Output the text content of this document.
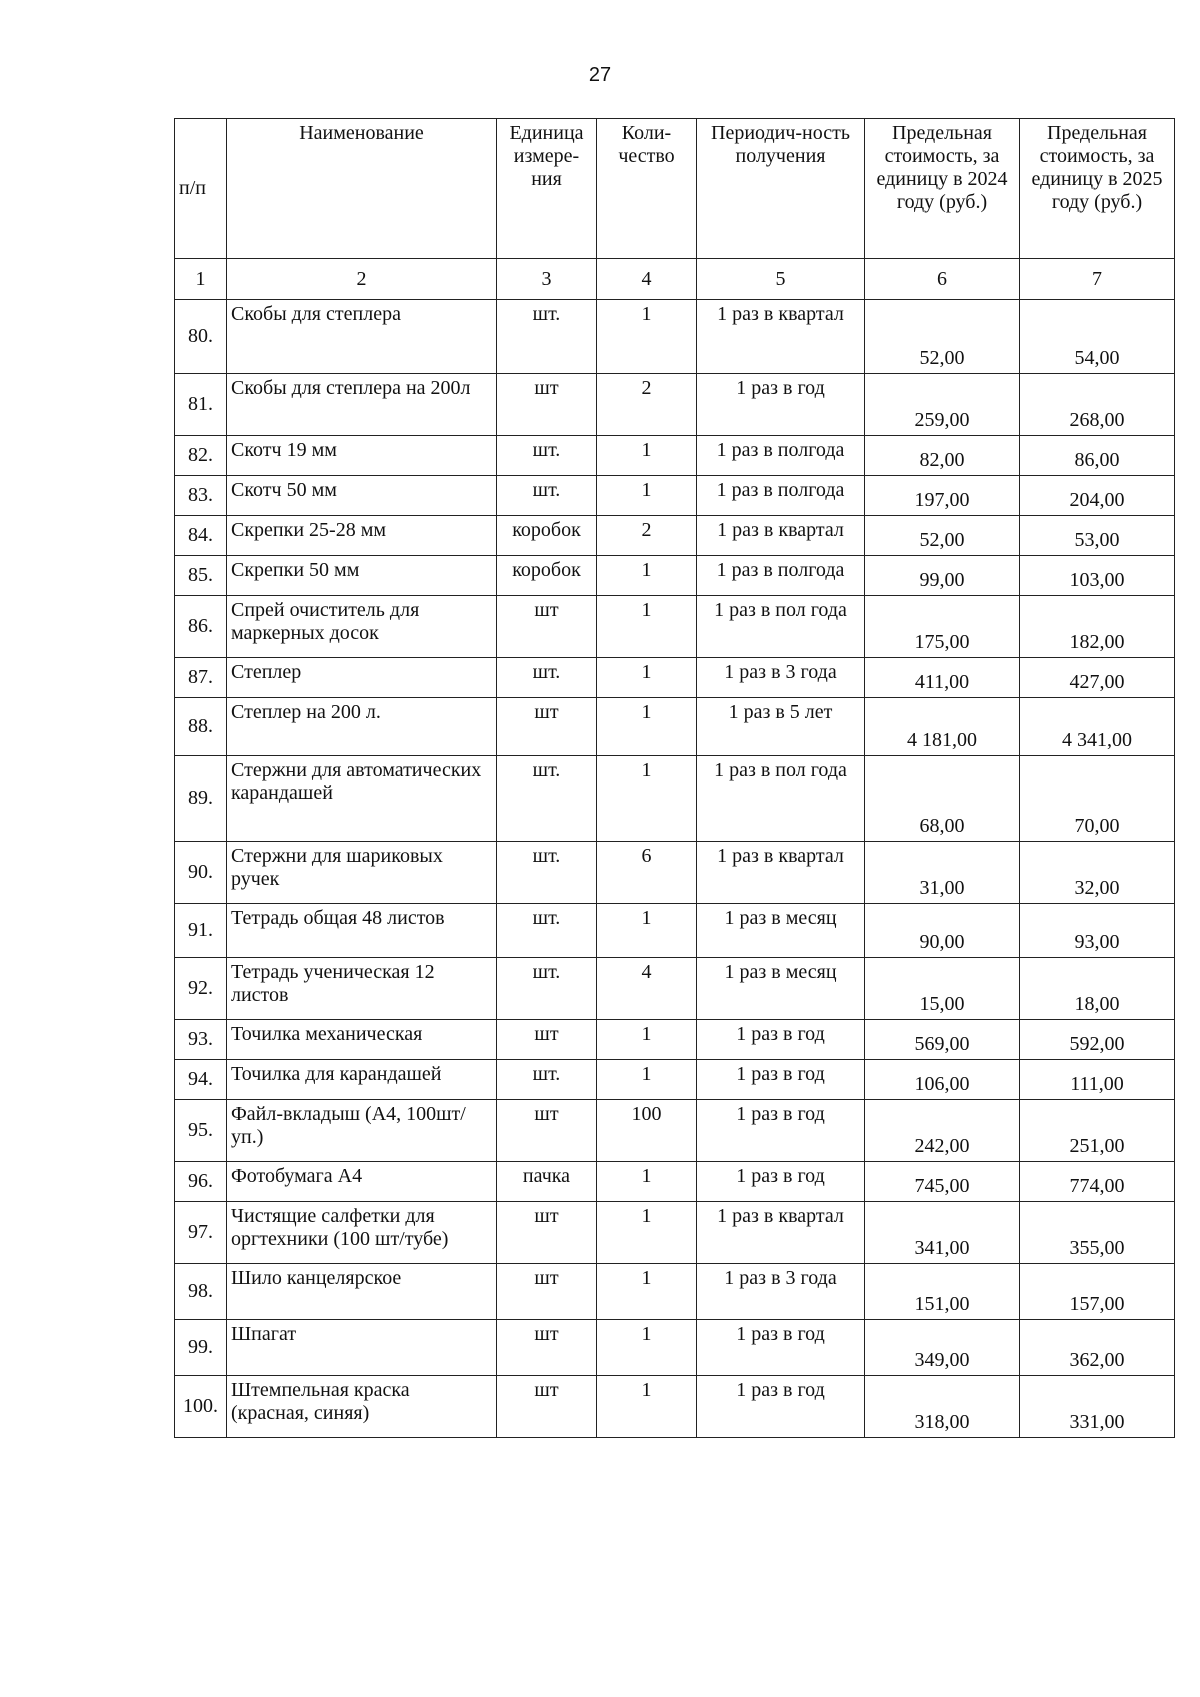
27
п/п	Наименование	Единица измере-ния	Коли-чество	Периодич-ность получения	Предельная стоимость, за единицу в 2024 году (руб.)	Предельная стоимость, за единицу в 2025 году (руб.)
1	2	3	4	5	6	7
80.	Скобы для степлера	шт.	1	1 раз в квартал	52,00	54,00
81.	Скобы для степлера на 200л	шт	2	1 раз в год	259,00	268,00
82.	Скотч 19 мм	шт.	1	1 раз в полгода	82,00	86,00
83.	Скотч 50 мм	шт.	1	1 раз в полгода	197,00	204,00
84.	Скрепки 25-28 мм	коробок	2	1 раз в квартал	52,00	53,00
85.	Скрепки 50 мм	коробок	1	1 раз в полгода	99,00	103,00
86.	Спрей очиститель для маркерных досок	шт	1	1 раз в пол года	175,00	182,00
87.	Степлер	шт.	1	1 раз в 3 года	411,00	427,00
88.	Степлер на 200 л.	шт	1	1 раз в 5 лет	4 181,00	4 341,00
89.	Стержни для автоматических карандашей	шт.	1	1 раз в пол года	68,00	70,00
90.	Стержни для шариковых ручек	шт.	6	1 раз в квартал	31,00	32,00
91.	Тетрадь общая 48 листов	шт.	1	1 раз в месяц	90,00	93,00
92.	Тетрадь ученическая 12 листов	шт.	4	1 раз в месяц	15,00	18,00
93.	Точилка механическая	шт	1	1 раз в год	569,00	592,00
94.	Точилка для карандашей	шт.	1	1 раз в год	106,00	111,00
95.	Файл-вкладыш (А4, 100шт/уп.)	шт	100	1 раз в год	242,00	251,00
96.	Фотобумага А4	пачка	1	1 раз в год	745,00	774,00
97.	Чистящие салфетки для оргтехники (100 шт/тубе)	шт	1	1 раз в квартал	341,00	355,00
98.	Шило канцелярское	шт	1	1 раз в 3 года	151,00	157,00
99.	Шпагат	шт	1	1 раз в год	349,00	362,00
100.	Штемпельная краска (красная, синяя)	шт	1	1 раз в год	318,00	331,00
